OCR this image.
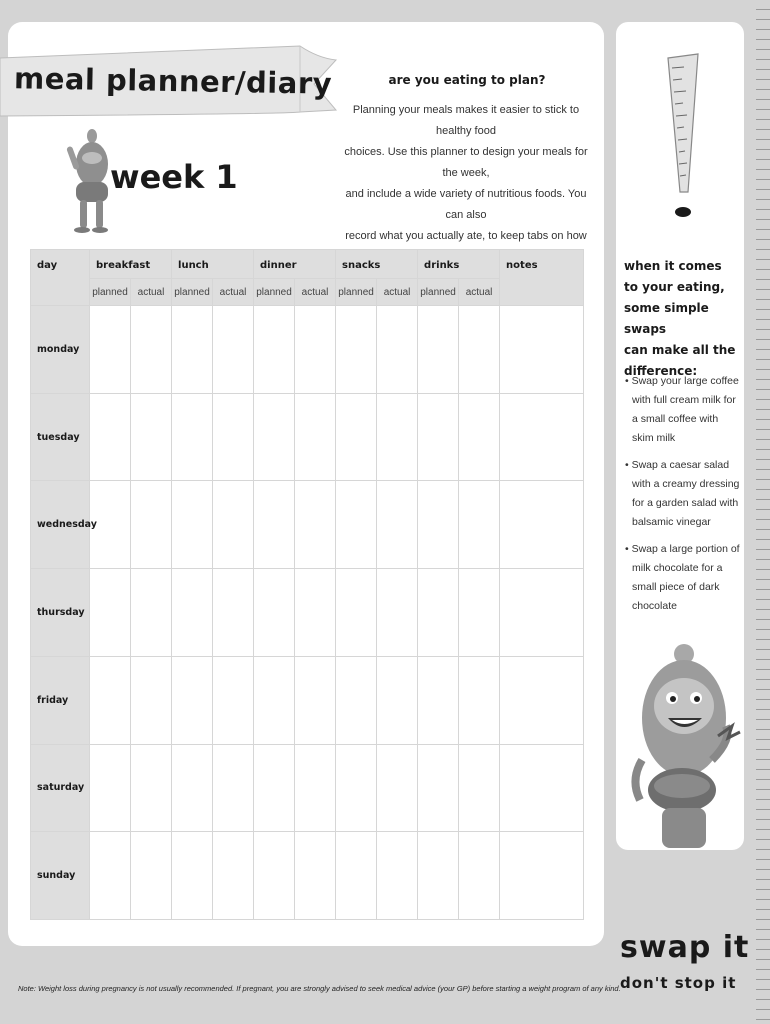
meal planner/diary
week 1
are you eating to plan?
Planning your meals makes it easier to stick to healthy food
choices. Use this planner to design your meals for the week,
and include a wide variety of nutritious foods. You can also
record what you actually ate, to keep tabs on how
when it comes
to your eating,
some simple swaps
can make all the
difference:
• Swap your large coffee with full cream milk for a small coffee with skim milk
• Swap a caesar salad with a creamy dressing for a garden salad with balsamic vinegar
• Swap a large portion of milk chocolate for a small piece of dark chocolate
swap it
don't stop it
day	breakfast		lunch		dinner		snacks		drinks		notes

	planned	actual	planned	actual	planned	actual	planned	actual	planned	actual	
monday											
tuesday											
wednesday											
thursday											
friday											
saturday											
sunday											
Note: Weight loss during pregnancy is not usually recommended. If pregnant, you are strongly advised to seek medical advice (your GP) before starting a weight program of any kind.
